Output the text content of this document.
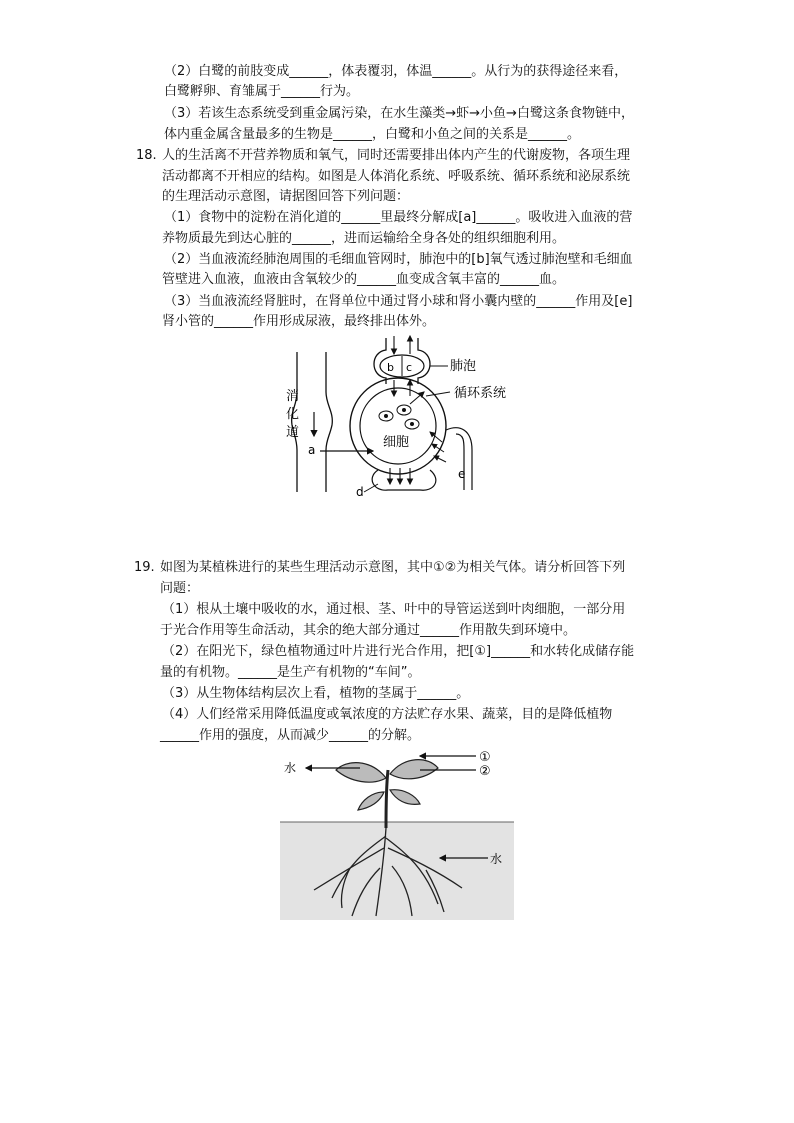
（2）白鹭的前肢变成______，体表覆羽，体温______。从行为的获得途径来看，
白鹭孵卵、育雏属于______行为。
（3）若该生态系统受到重金属污染，在水生藻类→虾→小鱼→白鹭这条食物链中，
体内重金属含量最多的生物是______，白鹭和小鱼之间的关系是______。
18. 人的生活离不开营养物质和氧气，同时还需要排出体内产生的代谢废物，各项生理
活动都离不开相应的结构。如图是人体消化系统、呼吸系统、循环系统和泌尿系统
的生理活动示意图，请据图回答下列问题：
（1）食物中的淀粉在消化道的______里最终分解成[a]______。吸收进入血液的营
养物质最先到达心脏的______，进而运输给全身各处的组织细胞利用。
（2）当血液流经肺泡周围的毛细血管网时，肺泡中的[b]氧气透过肺泡壁和毛细血
管壁进入血液，血液由含氧较少的______血变成含氧丰富的______血。
（3）当血液流经肾脏时，在肾单位中通过肾小球和肾小囊内壁的______作用及[e]
肾小管的______作用形成尿液，最终排出体外。
消
化
道
a
b c	肺泡
循环系统
细胞
e
d
19. 如图为某植株进行的某些生理活动示意图，其中①②为相关气体。请分析回答下列
问题：
（1）根从土壤中吸收的水，通过根、茎、叶中的导管运送到叶肉细胞，一部分用
于光合作用等生命活动，其余的绝大部分通过______作用散失到环境中。
（2）在阳光下，绿色植物通过叶片进行光合作用，把[①]______和水转化成储存能
量的有机物。______是生产有机物的“车间”。
（3）从生物体结构层次上看，植物的茎属于______。
（4）人们经常采用降低温度或氧浓度的方法贮存水果、蔬菜，目的是降低植物
______作用的强度，从而减少______的分解。
水
①
②
水
